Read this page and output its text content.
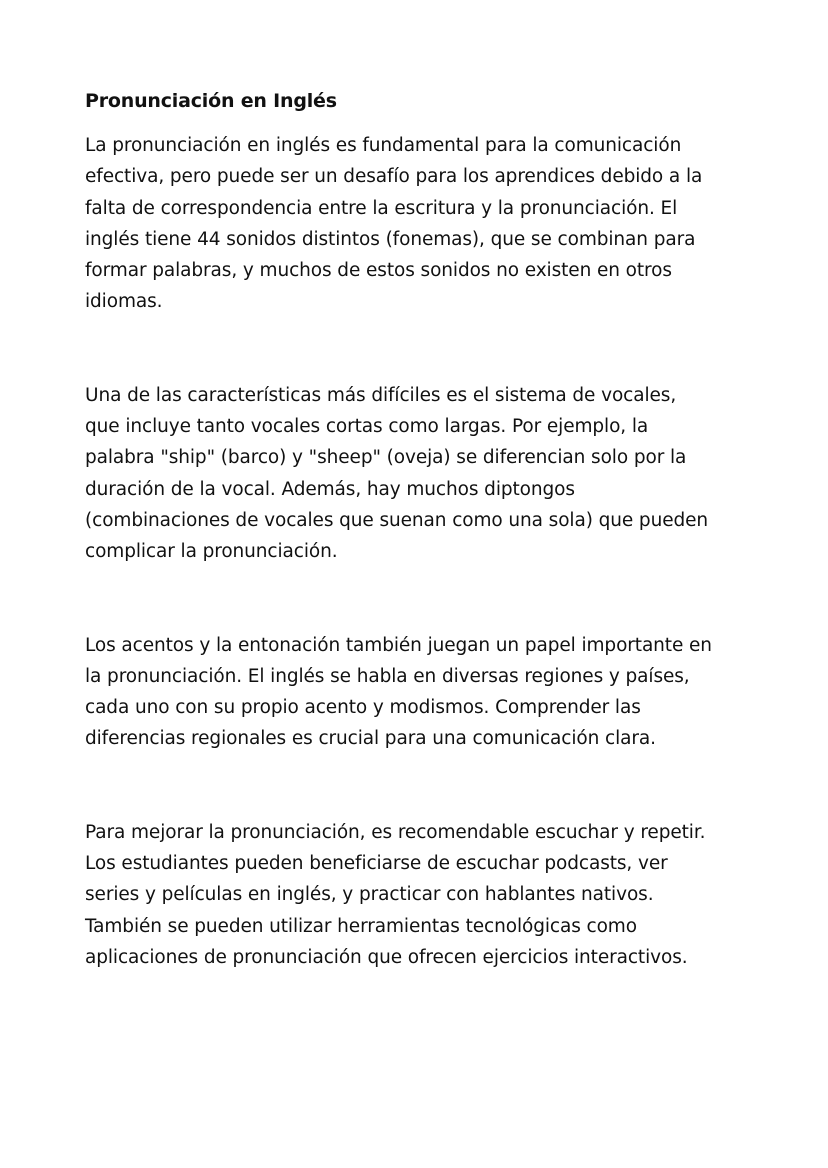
Pronunciación en Inglés

La pronunciación en inglés es fundamental para la comunicación efectiva, pero puede ser un desafío para los aprendices debido a la falta de correspondencia entre la escritura y la pronunciación. El inglés tiene 44 sonidos distintos (fonemas), que se combinan para formar palabras, y muchos de estos sonidos no existen en otros idiomas.

Una de las características más difíciles es el sistema de vocales, que incluye tanto vocales cortas como largas. Por ejemplo, la palabra "ship" (barco) y "sheep" (oveja) se diferencian solo por la duración de la vocal. Además, hay muchos diptongos (combinaciones de vocales que suenan como una sola) que pueden complicar la pronunciación.

Los acentos y la entonación también juegan un papel importante en la pronunciación. El inglés se habla en diversas regiones y países, cada uno con su propio acento y modismos. Comprender las diferencias regionales es crucial para una comunicación clara.

Para mejorar la pronunciación, es recomendable escuchar y repetir. Los estudiantes pueden beneficiarse de escuchar podcasts, ver series y películas en inglés, y practicar con hablantes nativos. También se pueden utilizar herramientas tecnológicas como aplicaciones de pronunciación que ofrecen ejercicios interactivos.
